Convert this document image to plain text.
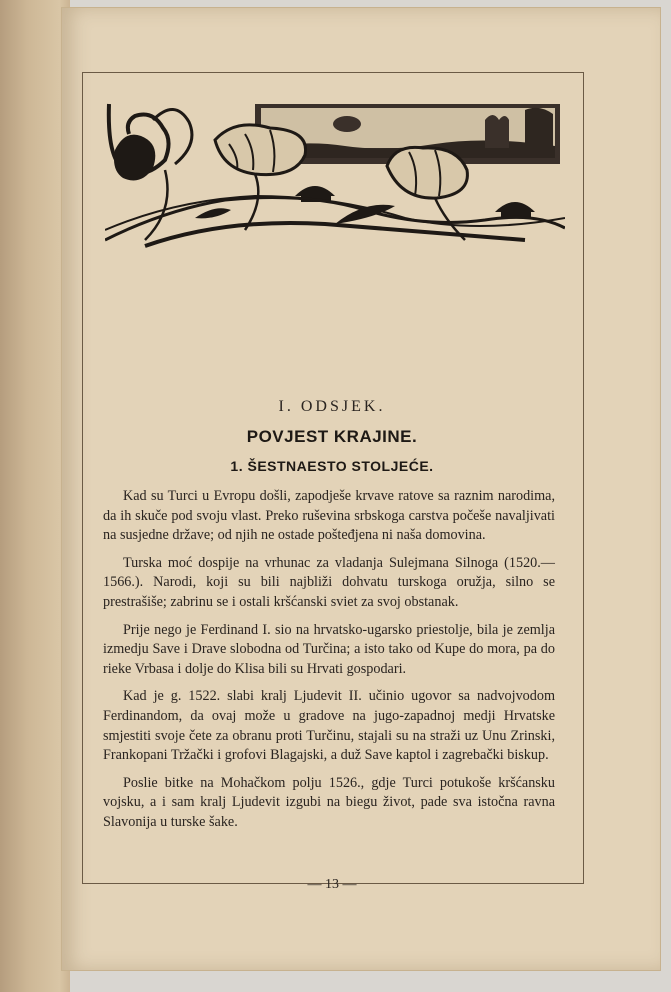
I. ODSJEK.
POVJEST KRAJINE.
1. ŠESTNAESTO STOLJEĆE.

Kad su Turci u Evropu došli, zapodješe krvave ratove sa raznim narodima, da ih skuče pod svoju vlast. Preko ruševina srbskoga carstva počeše navaljivati na susjedne države; od njih ne ostade pošteđjena ni naša domovina.

Turska moć dospije na vrhunac za vladanja Sulejmana Silnoga (1520.—1566.). Narodi, koji su bili najbliži dohvatu turskoga oružja, silno se prestrašiše; zabrinu se i ostali kršćanski sviet za svoj obstanak.

Prije nego je Ferdinand I. sio na hrvatsko-ugarsko priestolje, bila je zemlja izmedju Save i Drave slobodna od Turčina; a isto tako od Kupe do mora, pa do rieke Vrbasa i dolje do Klisa bili su Hrvati gospodari.

Kad je g. 1522. slabi kralj Ljudevit II. učinio ugovor sa nadvojvodom Ferdinandom, da ovaj može u gradove na jugo-zapadnoj medji Hrvatske smjestiti svoje čete za obranu proti Turčinu, stajali su na straži uz Unu Zrinski, Frankopani Tržački i grofovi Blagajski, a duž Save kaptol i zagrebački biskup.

Poslie bitke na Mohačkom polju 1526., gdje Turci potukoše kršćansku vojsku, a i sam kralj Ljudevit izgubi na biegu život, pade sva istočna ravna Slavonija u turske šake.

— 13 —
